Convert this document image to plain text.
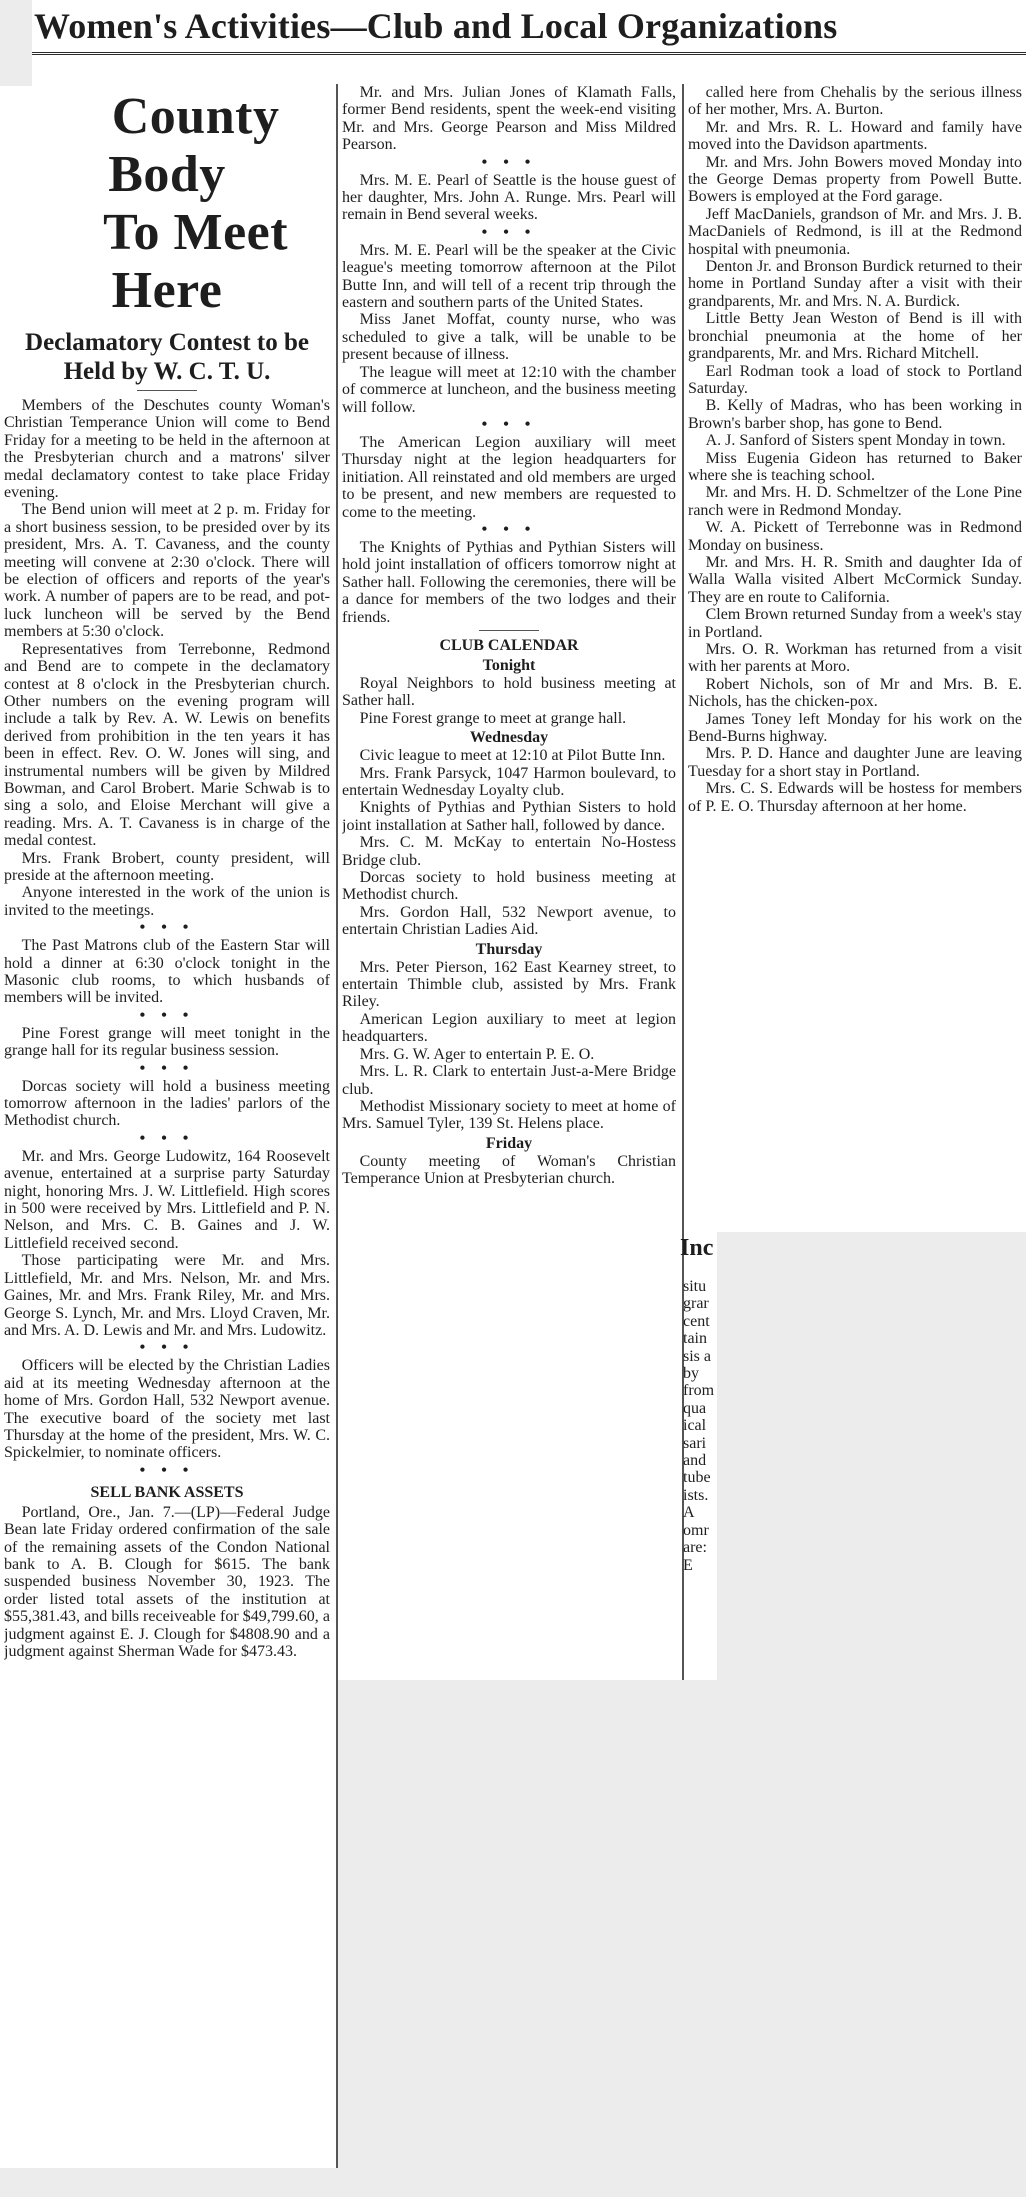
Women's Activities—Club and Local Organizations

County Body

To Meet Here

Declamatory Contest to be
Held by W. C. T. U.

Members of the Deschutes county Woman's Christian Temperance Union will come to Bend Friday for a meeting to be held in the afternoon at the Presbyterian church and a matrons' silver medal declamatory contest to take place Friday evening.

The Bend union will meet at 2 p. m. Friday for a short business session, to be presided over by its president, Mrs. A. T. Cavaness, and the county meeting will convene at 2:30 o'clock. There will be election of officers and reports of the year's work. A number of papers are to be read, and pot-luck luncheon will be served by the Bend members at 5:30 o'clock.

Representatives from Terrebonne, Redmond and Bend are to compete in the declamatory contest at 8 o'clock in the Presbyterian church. Other numbers on the evening program will include a talk by Rev. A. W. Lewis on benefits derived from prohibition in the ten years it has been in effect. Rev. O. W. Jones will sing, and instrumental numbers will be given by Mildred Bowman, and Carol Brobert. Marie Schwab is to sing a solo, and Eloise Merchant will give a reading. Mrs. A. T. Cavaness is in charge of the medal contest.

Mrs. Frank Brobert, county president, will preside at the afternoon meeting.

Anyone interested in the work of the union is invited to the meetings.

• • •

The Past Matrons club of the Eastern Star will hold a dinner at 6:30 o'clock tonight in the Masonic club rooms, to which husbands of members will be invited.

• • •

Pine Forest grange will meet tonight in the grange hall for its regular business session.

• • •

Dorcas society will hold a business meeting tomorrow afternoon in the ladies' parlors of the Methodist church.

• • •

Mr. and Mrs. George Ludowitz, 164 Roosevelt avenue, entertained at a surprise party Saturday night, honoring Mrs. J. W. Littlefield. High scores in 500 were received by Mrs. Littlefield and P. N. Nelson, and Mrs. C. B. Gaines and J. W. Littlefield received second.

Those participating were Mr. and Mrs. Littlefield, Mr. and Mrs. Nelson, Mr. and Mrs. Gaines, Mr. and Mrs. Frank Riley, Mr. and Mrs. George S. Lynch, Mr. and Mrs. Lloyd Craven, Mr. and Mrs. A. D. Lewis and Mr. and Mrs. Ludowitz.

• • •

Officers will be elected by the Christian Ladies aid at its meeting Wednesday afternoon at the home of Mrs. Gordon Hall, 532 Newport avenue. The executive board of the society met last Thursday at the home of the president, Mrs. W. C. Spickelmier, to nominate officers.

• • •

SELL BANK ASSETS

Portland, Ore., Jan. 7.—(LP)—Federal Judge Bean late Friday ordered confirmation of the sale of the remaining assets of the Condon National bank to A. B. Clough for $615. The bank suspended business November 30, 1923. The order listed total assets of the institution at $55,381.43, and bills receiveable for $49,799.60, a judgment against E. J. Clough for $4808.90 and a judgment against Sherman Wade for $473.43.

Mr. and Mrs. Julian Jones of Klamath Falls, former Bend residents, spent the week-end visiting Mr. and Mrs. George Pearson and Miss Mildred Pearson.

• • •

Mrs. M. E. Pearl of Seattle is the house guest of her daughter, Mrs. John A. Runge. Mrs. Pearl will remain in Bend several weeks.

• • •

Mrs. M. E. Pearl will be the speaker at the Civic league's meeting tomorrow afternoon at the Pilot Butte Inn, and will tell of a recent trip through the eastern and southern parts of the United States.

Miss Janet Moffat, county nurse, who was scheduled to give a talk, will be unable to be present because of illness.

The league will meet at 12:10 with the chamber of commerce at luncheon, and the business meeting will follow.

• • •

The American Legion auxiliary will meet Thursday night at the legion headquarters for initiation. All reinstated and old members are urged to be present, and new members are requested to come to the meeting.

• • •

The Knights of Pythias and Pythian Sisters will hold joint installation of officers tomorrow night at Sather hall. Following the ceremonies, there will be a dance for members of the two lodges and their friends.

CLUB CALENDAR
Tonight

Royal Neighbors to hold business meeting at Sather hall.

Pine Forest grange to meet at grange hall.

Wednesday

Civic league to meet at 12:10 at Pilot Butte Inn.

Mrs. Frank Parsyck, 1047 Harmon boulevard, to entertain Wednesday Loyalty club.

Knights of Pythias and Pythian Sisters to hold joint installation at Sather hall, followed by dance.

Mrs. C. M. McKay to entertain No-Hostess Bridge club.

Dorcas society to hold business meeting at Methodist church.

Mrs. Gordon Hall, 532 Newport avenue, to entertain Christian Ladies Aid.

Thursday

Mrs. Peter Pierson, 162 East Kearney street, to entertain Thimble club, assisted by Mrs. Frank Riley.

American Legion auxiliary to meet at legion headquarters.

Mrs. G. W. Ager to entertain P. E. O.

Mrs. L. R. Clark to entertain Just-a-Mere Bridge club.

Methodist Missionary society to meet at home of Mrs. Samuel Tyler, 139 St. Helens place.

Friday

County meeting of Woman's Christian Temperance Union at Presbyterian church.

called here from Chehalis by the serious illness of her mother, Mrs. A. Burton.

Mr. and Mrs. R. L. Howard and family have moved into the Davidson apartments.

Mr. and Mrs. John Bowers moved Monday into the George Demas property from Powell Butte. Bowers is employed at the Ford garage.

Jeff MacDaniels, grandson of Mr. and Mrs. J. B. MacDaniels of Redmond, is ill at the Redmond hospital with pneumonia.

Denton Jr. and Bronson Burdick returned to their home in Portland Sunday after a visit with their grandparents, Mr. and Mrs. N. A. Burdick.

Little Betty Jean Weston of Bend is ill with bronchial pneumonia at the home of her grandparents, Mr. and Mrs. Richard Mitchell.

Earl Rodman took a load of stock to Portland Saturday.

B. Kelly of Madras, who has been working in Brown's barber shop, has gone to Bend.

A. J. Sanford of Sisters spent Monday in town.

Miss Eugenia Gideon has returned to Baker where she is teaching school.

Mr. and Mrs. H. D. Schmeltzer of the Lone Pine ranch were in Redmond Monday.

W. A. Pickett of Terrebonne was in Redmond Monday on business.

Mr. and Mrs. H. R. Smith and daughter Ida of Walla Walla visited Albert McCormick Sunday. They are en route to California.

Clem Brown returned Sunday from a week's stay in Portland.

Mrs. O. R. Workman has returned from a visit with her parents at Moro.

Robert Nichols, son of Mr and Mrs. B. E. Nichols, has the chicken-pox.

James Toney left Monday for his work on the Bend-Burns highway.

Mrs. P. D. Hance and daughter June are leaving Tuesday for a short stay in Portland.

Mrs. C. S. Edwards will be hostess for members of P. E. O. Thursday afternoon at her home.

Inc
situ
grar
cent
tain
sis a
by
from
qua
ical
sari
and
tube
ists.
A
omr
are:
E
